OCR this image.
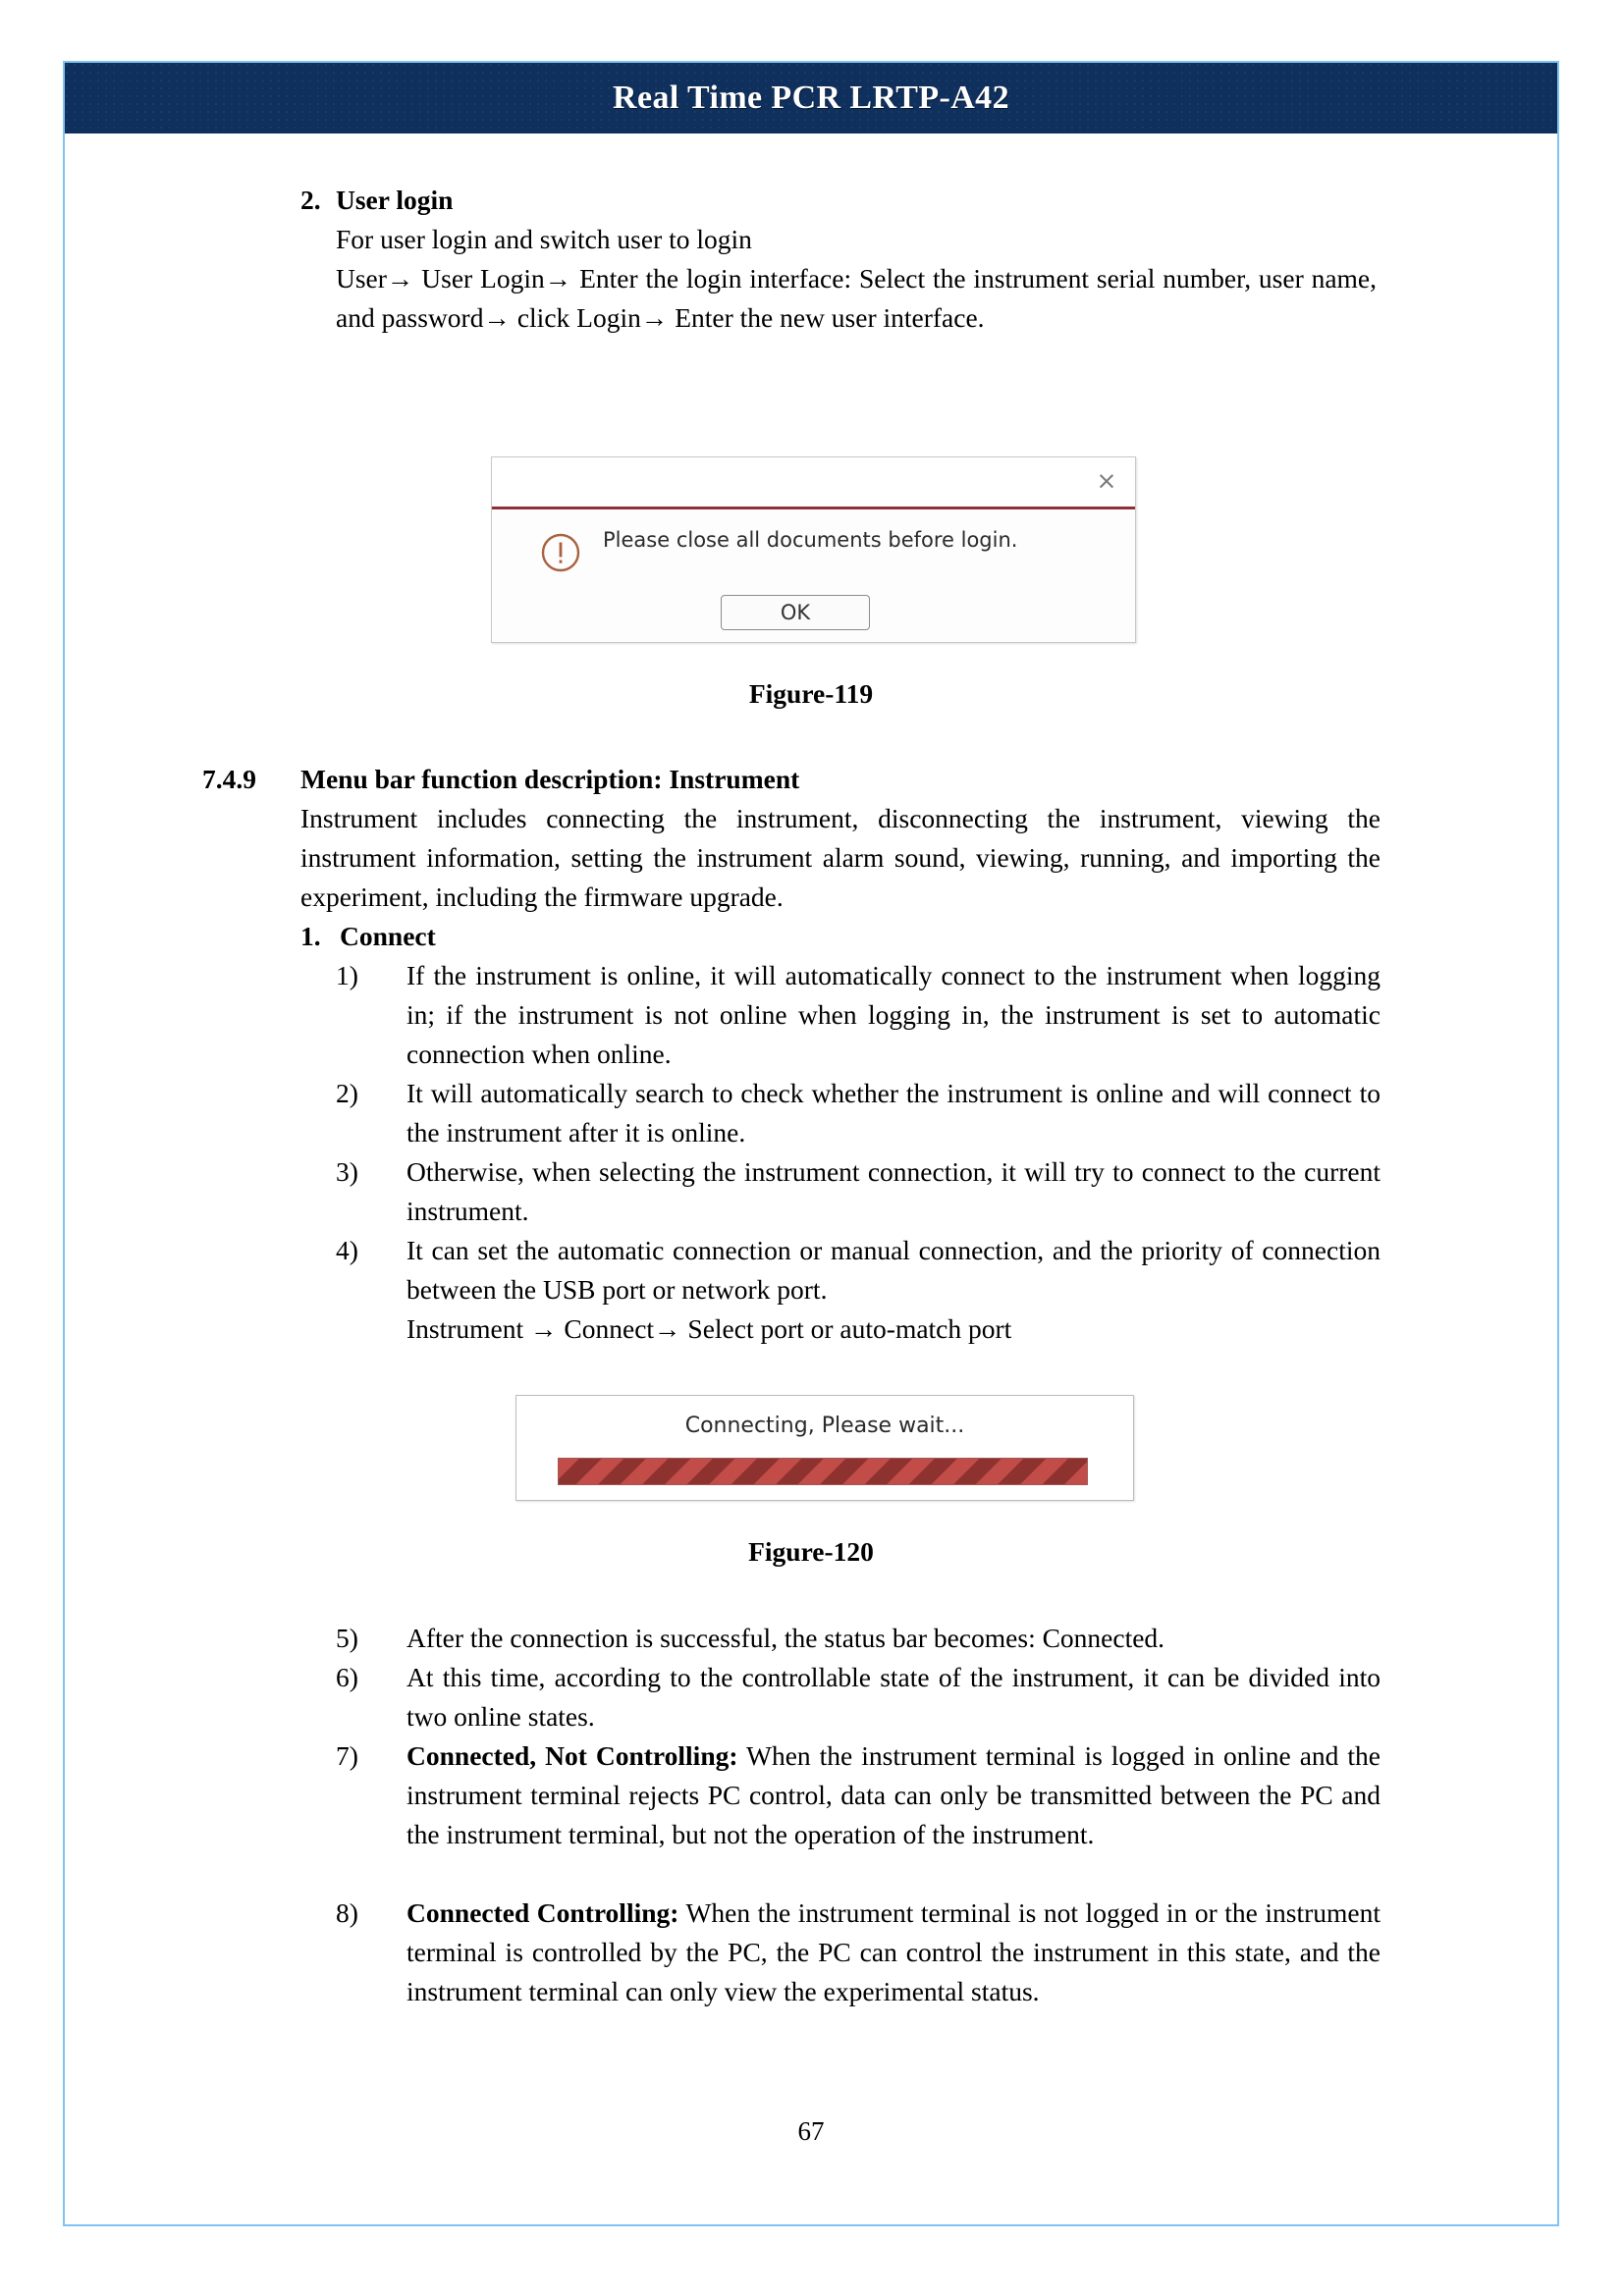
Real Time PCR LRTP-A42
2. User login
For user login and switch user to login
User→ User Login→ Enter the login interface: Select the instrument serial number, user name, and password→ click Login→ Enter the new user interface.
×
Please close all documents before login.
OK
Figure-119
7.4.9	Menu bar function description: Instrument
Instrument includes connecting the instrument, disconnecting the instrument, viewing the instrument information, setting the instrument alarm sound, viewing, running, and importing the experiment, including the firmware upgrade.
1. Connect
1)	If the instrument is online, it will automatically connect to the instrument when logging in; if the instrument is not online when logging in, the instrument is set to automatic connection when online.
2)	It will automatically search to check whether the instrument is online and will connect to the instrument after it is online.
3)	Otherwise, when selecting the instrument connection, it will try to connect to the current instrument.
4)	It can set the automatic connection or manual connection, and the priority of connection between the USB port or network port.
Instrument → Connect→ Select port or auto-match port
Connecting, Please wait...
Figure-120
5)	After the connection is successful, the status bar becomes: Connected.
6)	At this time, according to the controllable state of the instrument, it can be divided into two online states.
7)	Connected, Not Controlling: When the instrument terminal is logged in online and the instrument terminal rejects PC control, data can only be transmitted between the PC and the instrument terminal, but not the operation of the instrument.
8)	Connected Controlling: When the instrument terminal is not logged in or the instrument terminal is controlled by the PC, the PC can control the instrument in this state, and the instrument terminal can only view the experimental status.
67
